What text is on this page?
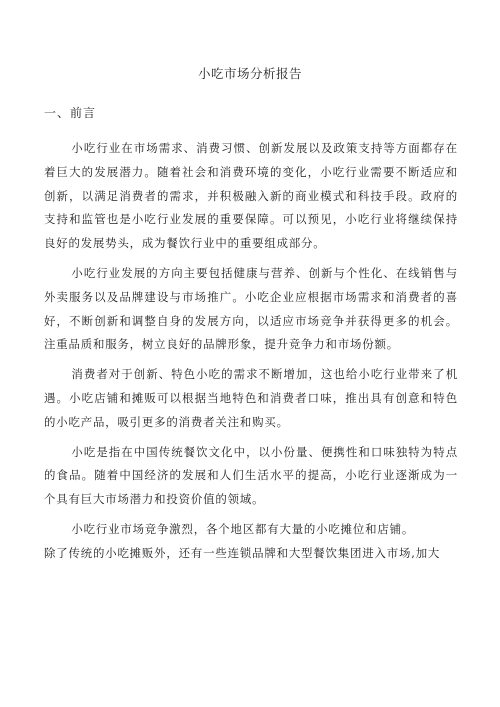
小吃市场分析报告
一、前言

小吃行业在市场需求、消费习惯、创新发展以及政策支持等方面都存在着巨大的发展潜力。随着社会和消费环境的变化，小吃行业需要不断适应和创新，以满足消费者的需求，并积极融入新的商业模式和科技手段。政府的支持和监管也是小吃行业发展的重要保障。可以预见，小吃行业将继续保持良好的发展势头，成为餐饮行业中的重要组成部分。

小吃行业发展的方向主要包括健康与营养、创新与个性化、在线销售与外卖服务以及品牌建设与市场推广。小吃企业应根据市场需求和消费者的喜好，不断创新和调整自身的发展方向，以适应市场竞争并获得更多的机会。注重品质和服务，树立良好的品牌形象，提升竞争力和市场份额。

消费者对于创新、特色小吃的需求不断增加，这也给小吃行业带来了机遇。小吃店铺和摊贩可以根据当地特色和消费者口味，推出具有创意和特色的小吃产品，吸引更多的消费者关注和购买。

小吃是指在中国传统餐饮文化中，以小份量、便携性和口味独特为特点的食品。随着中国经济的发展和人们生活水平的提高，小吃行业逐渐成为一个具有巨大市场潜力和投资价值的领域。

小吃行业市场竞争激烈，各个地区都有大量的小吃摊位和店铺。

除了传统的小吃摊贩外，还有一些连锁品牌和大型餐饮集团进入市场,加大
